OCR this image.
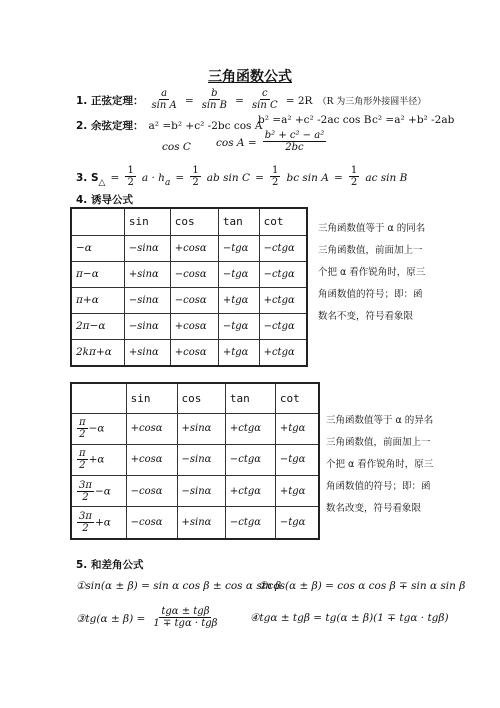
三角函数公式
1. 正弦定理： $\frac{a}{\text{sin A}} = \frac{b}{\text{sin B}} = \frac{c}{\text{sin C}} = 2R$ （R 为三角形外接圆半径）
2. 余弦定理： a² =b² +c² -2bc cos A
b² =a² +c² -2ac cos B c² =a² +b² -2ab
cos C $\cos A = \frac{\text{b² + c² − a²}}{2bc}$
3. $S_\triangle = \frac{1}{2}$ $a \cdot h_a = \frac{1}{2}$ ab $\sin C = \frac{1}{2}$ bc $\sin A = \frac{1}{2}$ ac sin B
4. 诱导公式
	sin	cos	tan	cot
−α	−sinα	+cosα	−tgα	−ctgα
π−α	+sinα	−cosα	−tgα	−ctgα
π+α	−sinα	−cosα	+tgα	+ctgα
2π−α	−sinα	+cosα	−tgα	−ctgα
2kπ+α	+sinα	+cosα	+tgα	+ctgα
三角函数值等于 α 的同名
三角函数值，前面加上一
个把 α 看作锐角时，原三
角函数值的符号；即：函
数名不变，符号看象限
	sin	cos	tan	cot

$\frac{\pi}{2} -\alpha$	+cosα	+sinα	+ctgα	+tgα

$\frac{\pi}{2} +\alpha$	+cosα	−sinα	−ctgα	−tgα

$\frac{3\pi}{2} -\alpha$	−cosα	−sinα	+ctgα	+tgα

$\frac{3\pi}{2} +\alpha$	−cosα	+sinα	−ctgα	−tgα
三角函数值等于 α 的异名
三角函数值，前面加上一
个把 α 看作锐角时，原三
角函数值的符号；即：函
数名改变，符号看象限
5. 和差角公式
①sin(α ± β) = sin α cos β ± cos α sin β
②cos(α ± β) = cos α cos β ∓ sin α sin β
③tg(α ± $\beta) = \frac{\text{tgα ± tgβ}}{\text{1 ∓ tgα · tgβ}}$	④tgα ± tgβ = tg(α ± β)(1 ∓ tgα · tgβ)
